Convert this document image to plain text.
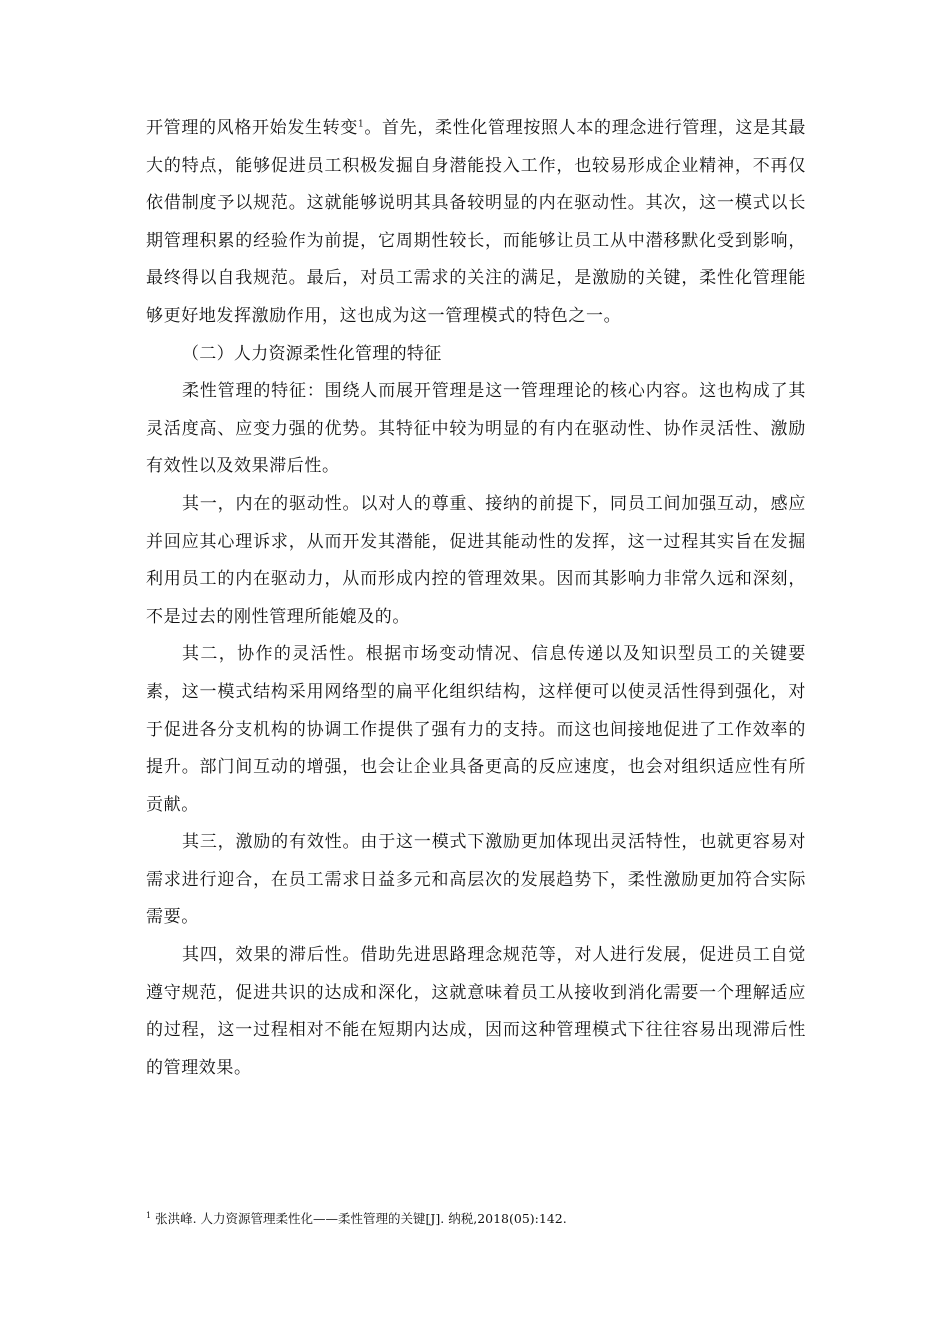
开管理的风格开始发生转变$^1$。首先，柔性化管理按照人本的理念进行管理，这是其最大的特点，能够促进员工积极发掘自身潜能投入工作，也较易形成企业精神，不再仅依借制度予以规范。这就能够说明其具备较明显的内在驱动性。其次，这一模式以长期管理积累的经验作为前提，它周期性较长，而能够让员工从中潜移默化受到影响，最终得以自我规范。最后，对员工需求的关注的满足，是激励的关键，柔性化管理能够更好地发挥激励作用，这也成为这一管理模式的特色之一。

（二）人力资源柔性化管理的特征

柔性管理的特征：围绕人而展开管理是这一管理理论的核心内容。这也构成了其灵活度高、应变力强的优势。其特征中较为明显的有内在驱动性、协作灵活性、激励有效性以及效果滞后性。

其一，内在的驱动性。以对人的尊重、接纳的前提下，同员工间加强互动，感应并回应其心理诉求，从而开发其潜能，促进其能动性的发挥，这一过程其实旨在发掘利用员工的内在驱动力，从而形成内控的管理效果。因而其影响力非常久远和深刻，不是过去的刚性管理所能媲及的。

其二，协作的灵活性。根据市场变动情况、信息传递以及知识型员工的关键要素，这一模式结构采用网络型的扁平化组织结构，这样便可以使灵活性得到强化，对于促进各分支机构的协调工作提供了强有力的支持。而这也间接地促进了工作效率的提升。部门间互动的增强，也会让企业具备更高的反应速度，也会对组织适应性有所贡献。

其三，激励的有效性。由于这一模式下激励更加体现出灵活特性，也就更容易对需求进行迎合，在员工需求日益多元和高层次的发展趋势下，柔性激励更加符合实际需要。

其四，效果的滞后性。借助先进思路理念规范等，对人进行发展，促进员工自觉遵守规范，促进共识的达成和深化，这就意味着员工从接收到消化需要一个理解适应的过程，这一过程相对不能在短期内达成，因而这种管理模式下往往容易出现滞后性的管理效果。

$^1$ 张洪峰. 人力资源管理柔性化——柔性管理的关键[J]. 纳税,2018(05):142.
